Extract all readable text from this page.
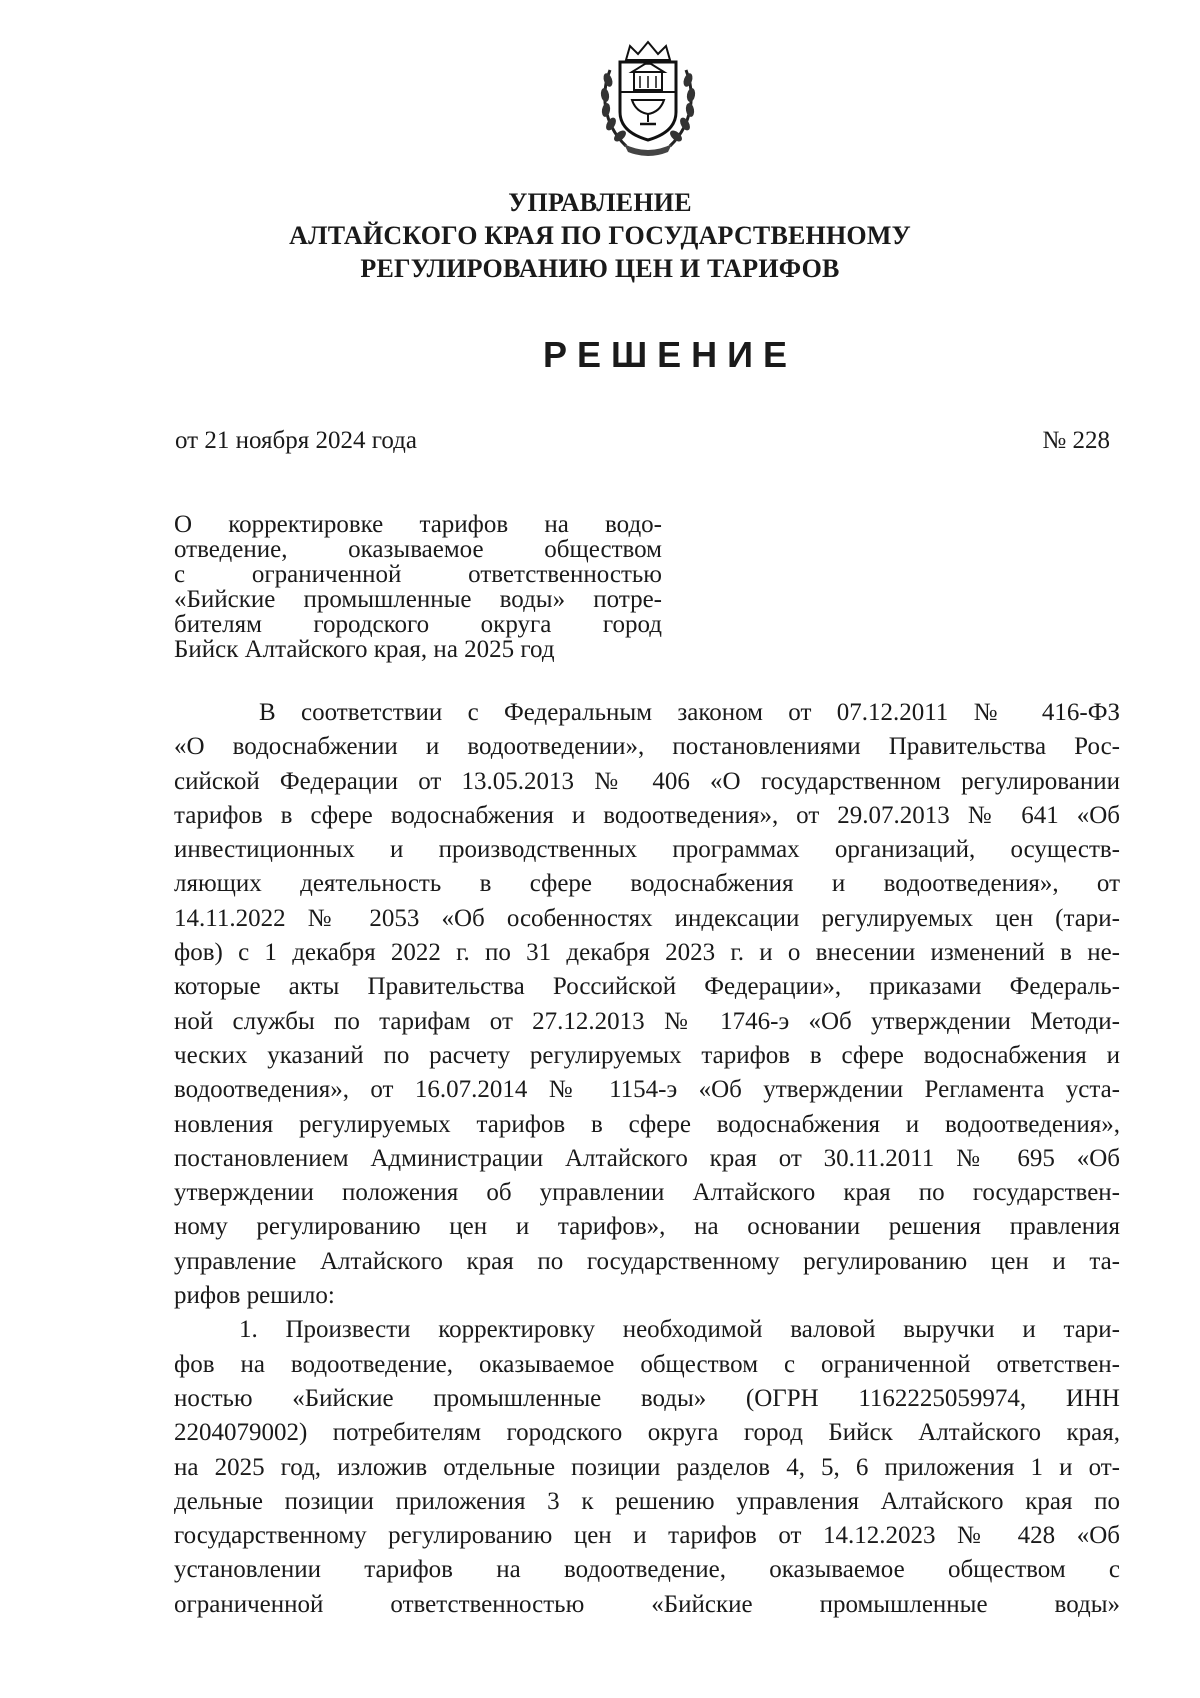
УПРАВЛЕНИЕ
АЛТАЙСКОГО КРАЯ ПО ГОСУДАРСТВЕННОМУ
РЕГУЛИРОВАНИЮ ЦЕН И ТАРИФОВ
РЕШЕНИЕ
от 21 ноября 2024 года	№ 228
О корректировке тарифов на водо-
отведение, оказываемое обществом
с ограниченной ответственностью
«Бийские промышленные воды» потре-
бителям городского округа город
Бийск Алтайского края, на 2025 год
В соответствии с Федеральным законом от 07.12.2011 № 416-ФЗ
«О водоснабжении и водоотведении», постановлениями Правительства Рос-
сийской Федерации от 13.05.2013 № 406 «О государственном регулировании
тарифов в сфере водоснабжения и водоотведения», от 29.07.2013 № 641 «Об
инвестиционных и производственных программах организаций, осуществ-
ляющих деятельность в сфере водоснабжения и водоотведения», от
14.11.2022 № 2053 «Об особенностях индексации регулируемых цен (тари-
фов) с 1 декабря 2022 г. по 31 декабря 2023 г. и о внесении изменений в не-
которые акты Правительства Российской Федерации», приказами Федераль-
ной службы по тарифам от 27.12.2013 № 1746-э «Об утверждении Методи-
ческих указаний по расчету регулируемых тарифов в сфере водоснабжения и
водоотведения», от 16.07.2014 № 1154-э «Об утверждении Регламента уста-
новления регулируемых тарифов в сфере водоснабжения и водоотведения»,
постановлением Администрации Алтайского края от 30.11.2011 № 695 «Об
утверждении положения об управлении Алтайского края по государствен-
ному регулированию цен и тарифов», на основании решения правления
управление Алтайского края по государственному регулированию цен и та-
рифов решило:
1. Произвести корректировку необходимой валовой выручки и тари-
фов на водоотведение, оказываемое обществом с ограниченной ответствен-
ностью «Бийские промышленные воды» (ОГРН 1162225059974, ИНН
2204079002) потребителям городского округа город Бийск Алтайского края,
на 2025 год, изложив отдельные позиции разделов 4, 5, 6 приложения 1 и от-
дельные позиции приложения 3 к решению управления Алтайского края по
государственному регулированию цен и тарифов от 14.12.2023 № 428 «Об
установлении тарифов на водоотведение, оказываемое обществом с
ограниченной ответственностью «Бийские промышленные воды»
